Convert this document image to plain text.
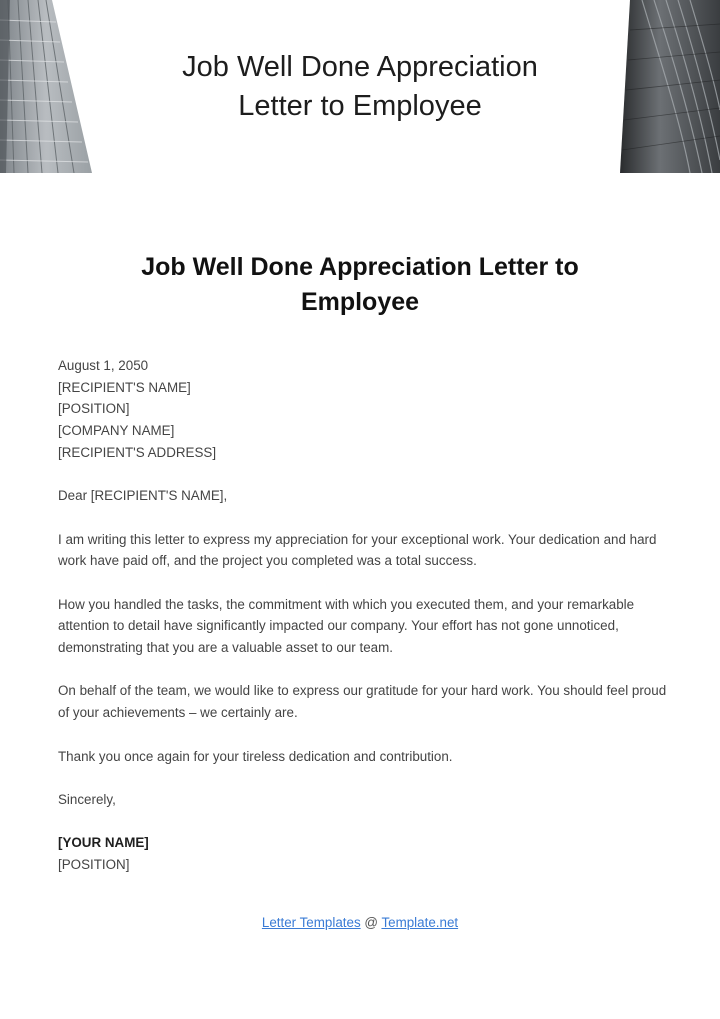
Job Well Done Appreciation
Letter to Employee
Job Well Done Appreciation Letter to
Employee

August 1, 2050

[RECIPIENT'S NAME]

[POSITION]

[COMPANY NAME]

[RECIPIENT'S ADDRESS]

Dear [RECIPIENT'S NAME],

I am writing this letter to express my appreciation for your exceptional work. Your dedication and hard work have paid off, and the project you completed was a total success.

How you handled the tasks, the commitment with which you executed them, and your remarkable attention to detail have significantly impacted our company. Your effort has not gone unnoticed, demonstrating that you are a valuable asset to our team.

On behalf of the team, we would like to express our gratitude for your hard work. You should feel proud of your achievements – we certainly are.

Thank you once again for your tireless dedication and contribution.

Sincerely,

[YOUR NAME]

[POSITION]

Letter Templates @ Template.net
